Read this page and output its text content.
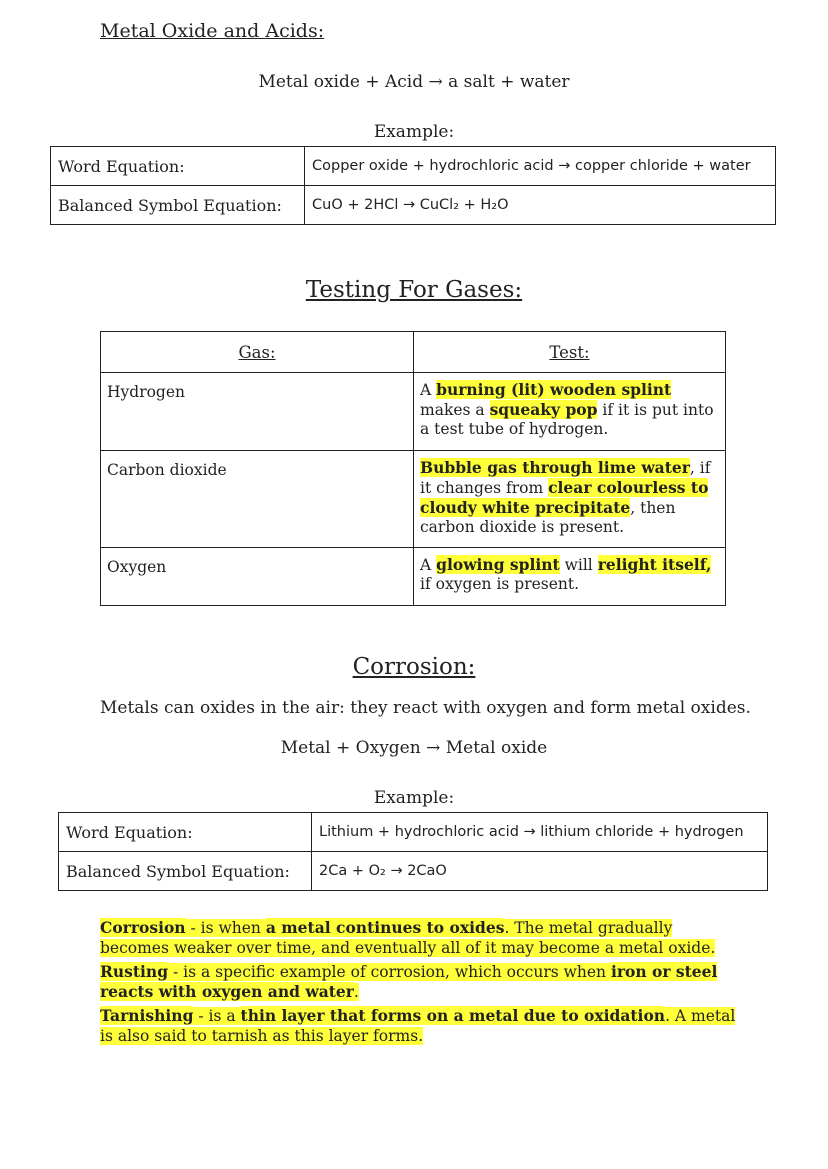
Metal Oxide and Acids:
Metal oxide + Acid → a salt + water
Example:
Word Equation:	Copper oxide + hydrochloric acid → copper chloride + water
Balanced Symbol Equation:	CuO + 2HCl → CuCl₂ + H₂O
Testing For Gases:
Gas:	Test:
Hydrogen	A burning (lit) wooden splint makes a squeaky pop if it is put into a test tube of hydrogen.
Carbon dioxide	Bubble gas through lime water, if it changes from clear colourless to cloudy white precipitate, then carbon dioxide is present.
Oxygen	A glowing splint will relight itself, if oxygen is present.
Corrosion:
Metals can oxides in the air: they react with oxygen and form metal oxides.
Metal + Oxygen → Metal oxide
Example:
Word Equation:	Lithium + hydrochloric acid → lithium chloride + hydrogen
Balanced Symbol Equation:	2Ca + O₂ → 2CaO

Corrosion - is when a metal continues to oxides. The metal gradually becomes weaker over time, and eventually all of it may become a metal oxide.

Rusting - is a specific example of corrosion, which occurs when iron or steel reacts with oxygen and water.

Tarnishing - is a thin layer that forms on a metal due to oxidation. A metal is also said to tarnish as this layer forms.
